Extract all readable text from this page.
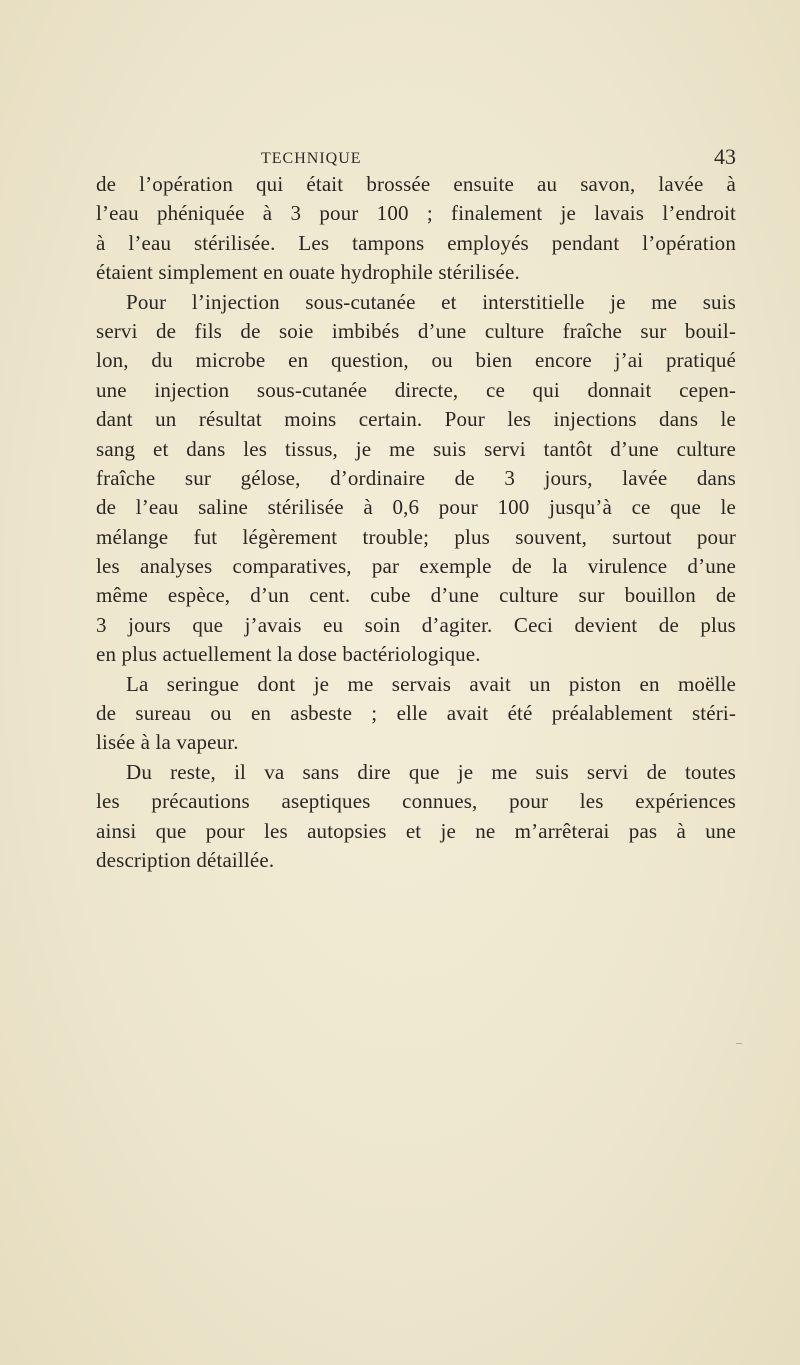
TECHNIQUE	43
de l’opération qui était brossée ensuite au savon, lavée à
l’eau phéniquée à 3 pour 100 ; finalement je lavais l’endroit
à l’eau stérilisée. Les tampons employés pendant l’opération
étaient simplement en ouate hydrophile stérilisée.
Pour l’injection sous-cutanée et interstitielle je me suis
servi de fils de soie imbibés d’une culture fraîche sur bouil-
lon, du microbe en question, ou bien encore j’ai pratiqué
une injection sous-cutanée directe, ce qui donnait cepen-
dant un résultat moins certain. Pour les injections dans le
sang et dans les tissus, je me suis servi tantôt d’une culture
fraîche sur gélose, d’ordinaire de 3 jours, lavée dans
de l’eau saline stérilisée à 0,6 pour 100 jusqu’à ce que le
mélange fut légèrement trouble; plus souvent, surtout pour
les analyses comparatives, par exemple de la virulence d’une
même espèce, d’un cent. cube d’une culture sur bouillon de
3 jours que j’avais eu soin d’agiter. Ceci devient de plus
en plus actuellement la dose bactériologique.
La seringue dont je me servais avait un piston en moëlle
de sureau ou en asbeste ; elle avait été préalablement stéri-
lisée à la vapeur.
Du reste, il va sans dire que je me suis servi de toutes
les précautions aseptiques connues, pour les expériences
ainsi que pour les autopsies et je ne m’arrêterai pas à une
description détaillée.
–
